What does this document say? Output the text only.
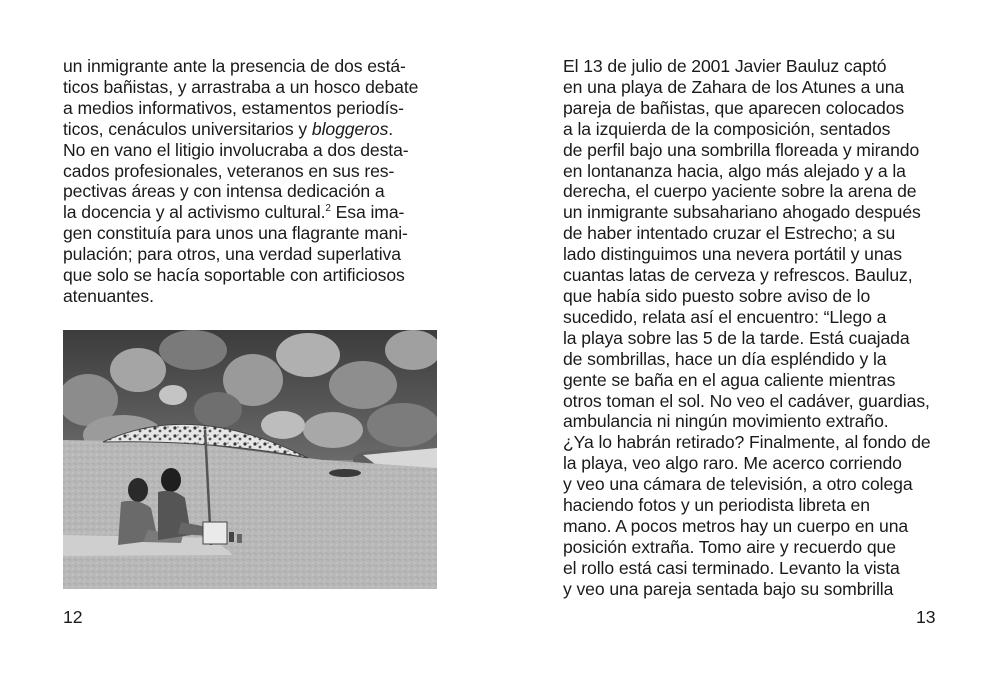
un inmigrante ante la presencia de dos está-
ticos bañistas, y arrastraba a un hosco debate
a medios informativos, estamentos periodís-
ticos, cenáculos universitarios y bloggeros.
No en vano el litigio involucraba a dos desta-
cados profesionales, veteranos en sus res-
pectivas áreas y con intensa dedicación a
la docencia y al activismo cultural.$^2$ Esa ima-
gen constituía para unos una flagrante mani-
pulación; para otros, una verdad superlativa
que solo se hacía soportable con artificiosos
atenuantes.
12
El 13 de julio de 2001 Javier Bauluz captó
en una playa de Zahara de los Atunes a una
pareja de bañistas, que aparecen colocados
a la izquierda de la composición, sentados
de perfil bajo una sombrilla floreada y mirando
en lontananza hacia, algo más alejado y a la
derecha, el cuerpo yaciente sobre la arena de
un inmigrante subsahariano ahogado después
de haber intentado cruzar el Estrecho; a su
lado distinguimos una nevera portátil y unas
cuantas latas de cerveza y refrescos. Bauluz,
que había sido puesto sobre aviso de lo
sucedido, relata así el encuentro: “Llego a
la playa sobre las 5 de la tarde. Está cuajada
de sombrillas, hace un día espléndido y la
gente se baña en el agua caliente mientras
otros toman el sol. No veo el cadáver, guardias,
ambulancia ni ningún movimiento extraño.
¿Ya lo habrán retirado? Finalmente, al fondo de
la playa, veo algo raro. Me acerco corriendo
y veo una cámara de televisión, a otro colega
haciendo fotos y un periodista libreta en
mano. A pocos metros hay un cuerpo en una
posición extraña. Tomo aire y recuerdo que
el rollo está casi terminado. Levanto la vista
y veo una pareja sentada bajo su sombrilla
13
